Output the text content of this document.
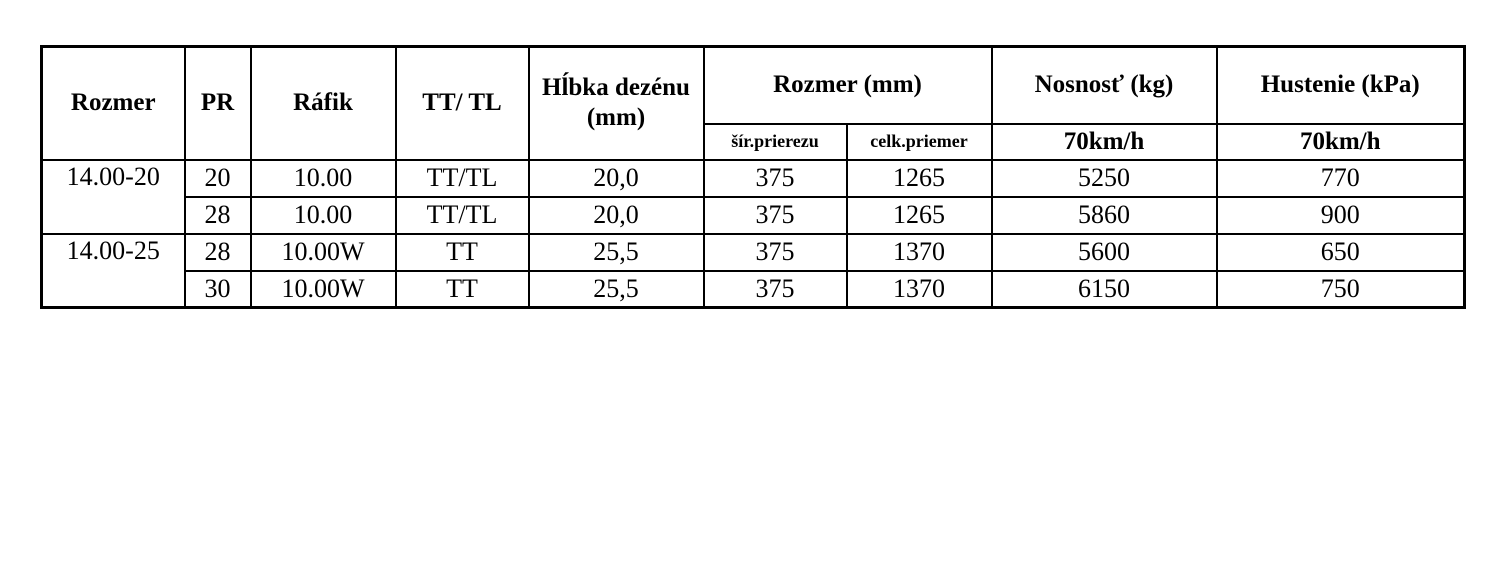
Rozmer	PR	Ráfik	TT/ TL	Hĺbka dezénu (mm)	Rozmer (mm)		Nosnosť (kg)	Hustenie (kPa)
					šír.prierezu	celk.priemer	70km/h	70km/h
14.00-20	20	10.00	TT/TL	20,0	375	1265	5250	770
	28	10.00	TT/TL	20,0	375	1265	5860	900
14.00-25	28	10.00W	TT	25,5	375	1370	5600	650
	30	10.00W	TT	25,5	375	1370	6150	750
